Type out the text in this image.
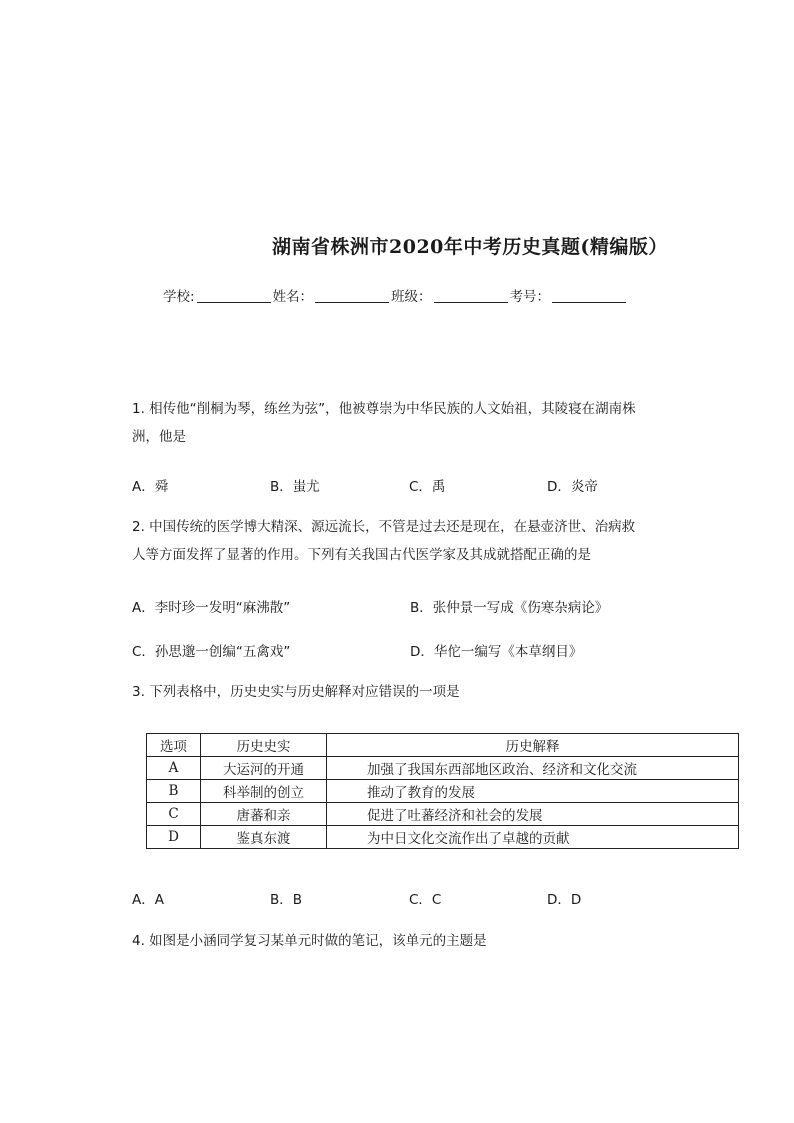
湖南省株洲市2020年中考历史真题(精编版）
学校:	姓名：	班级：	考号：
1. 相传他“削桐为琴，练丝为弦”，他被尊崇为中华民族的人文始祖，其陵寝在湖南株
洲，他是
A．舜	B．蚩尤	C．禹	D．炎帝
2. 中国传统的医学博大精深、源远流长，不管是过去还是现在，在悬壶济世、治病救
人等方面发挥了显著的作用。下列有关我国古代医学家及其成就搭配正确的是
A．李时珍一发明“麻沸散”	B．张仲景一写成《伤寒杂病论》
C．孙思邈一创编“五禽戏”	D．华佗一编写《本草纲目》
3. 下列表格中，历史史实与历史解释对应错误的一项是
选项	历史史实	历史解释
A	大运河的开通	加强了我国东西部地区政治、经济和文化交流
B	科举制的创立	推动了教育的发展
C	唐蕃和亲	促进了吐蕃经济和社会的发展
D	鉴真东渡	为中日文化交流作出了卓越的贡献
A．A	B．B	C．C	D．D
4. 如图是小涵同学复习某单元时做的笔记，该单元的主题是
